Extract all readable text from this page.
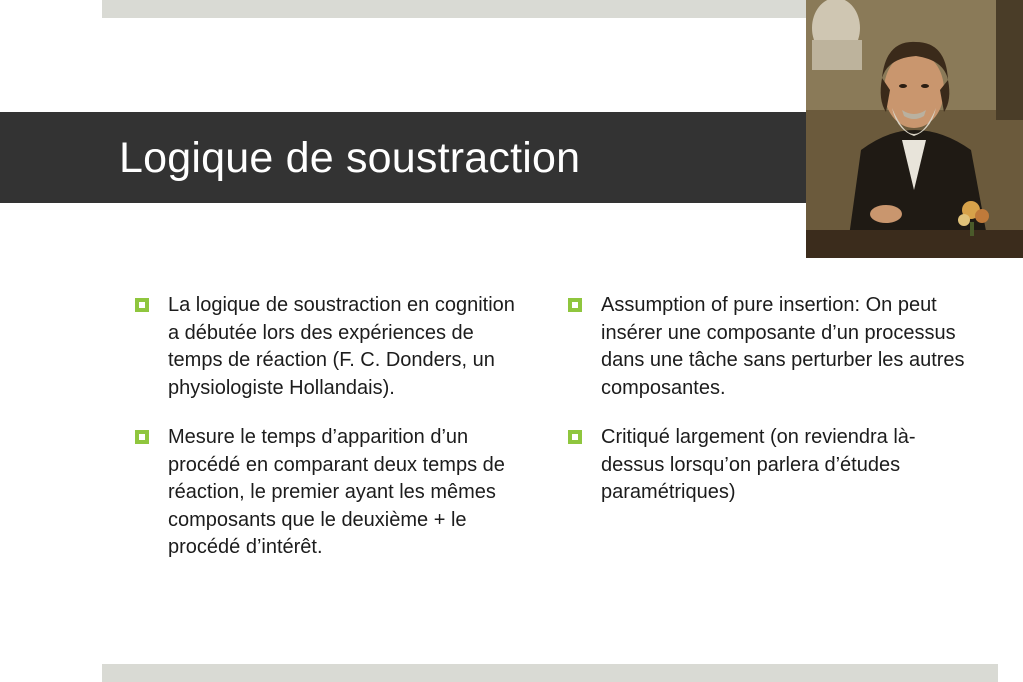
Logique de soustraction
La logique de soustraction en cognition a débutée lors des expériences de temps de réaction (F. C. Donders, un physiologiste Hollandais).
Mesure le temps d’apparition d’un procédé en comparant deux temps de réaction, le premier ayant les mêmes composants que le deuxième + le procédé d’intérêt.
Assumption of pure insertion: On peut insérer une composante d’un processus dans une tâche sans perturber les autres composantes.
Critiqué largement (on reviendra là-dessus lorsqu’on parlera d’études paramétriques)
